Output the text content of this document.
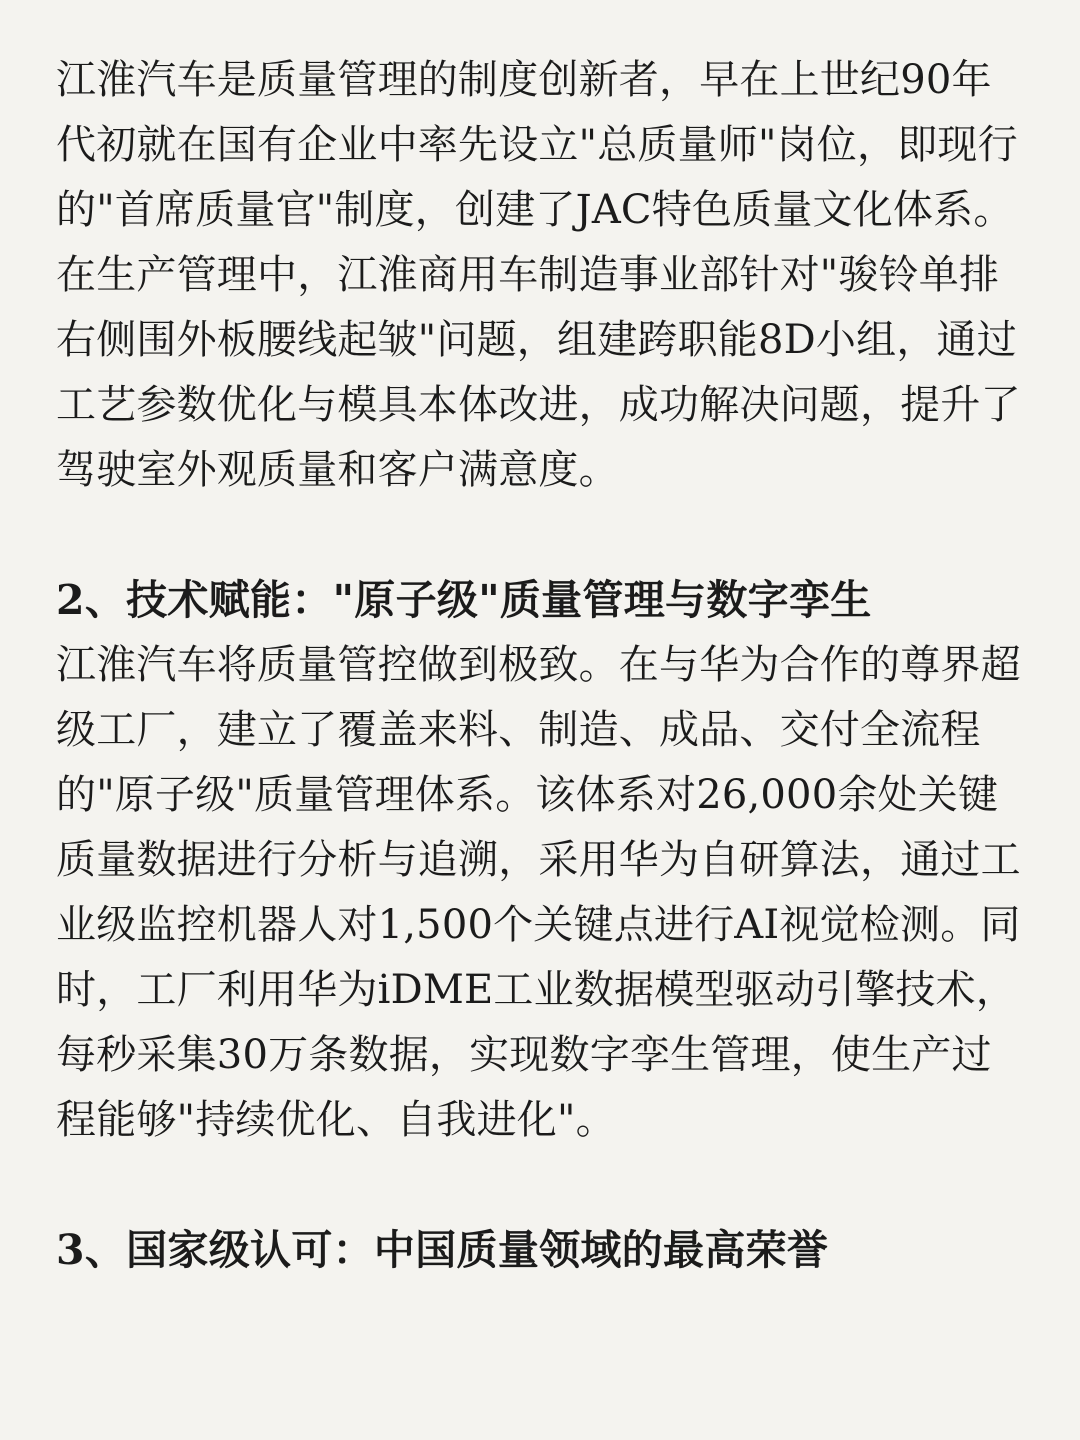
江淮汽车是质量管理的制度创新者，早在上世纪90年代初就在国有企业中率先设立"总质量师"岗位，即现行的"首席质量官"制度，创建了JAC特色质量文化体系。在生产管理中，江淮商用车制造事业部针对"骏铃单排右侧围外板腰线起皱"问题，组建跨职能8D小组，通过工艺参数优化与模具本体改进，成功解决问题，提升了驾驶室外观质量和客户满意度。

2、技术赋能："原子级"质量管理与数字孪生

江淮汽车将质量管控做到极致。在与华为合作的尊界超级工厂，建立了覆盖来料、制造、成品、交付全流程的"原子级"质量管理体系。该体系对26,000余处关键质量数据进行分析与追溯，采用华为自研算法，通过工业级监控机器人对1,500个关键点进行AI视觉检测。同时，工厂利用华为iDME工业数据模型驱动引擎技术，每秒采集30万条数据，实现数字孪生管理，使生产过程能够"持续优化、自我进化"。

3、国家级认可：中国质量领域的最高荣誉
